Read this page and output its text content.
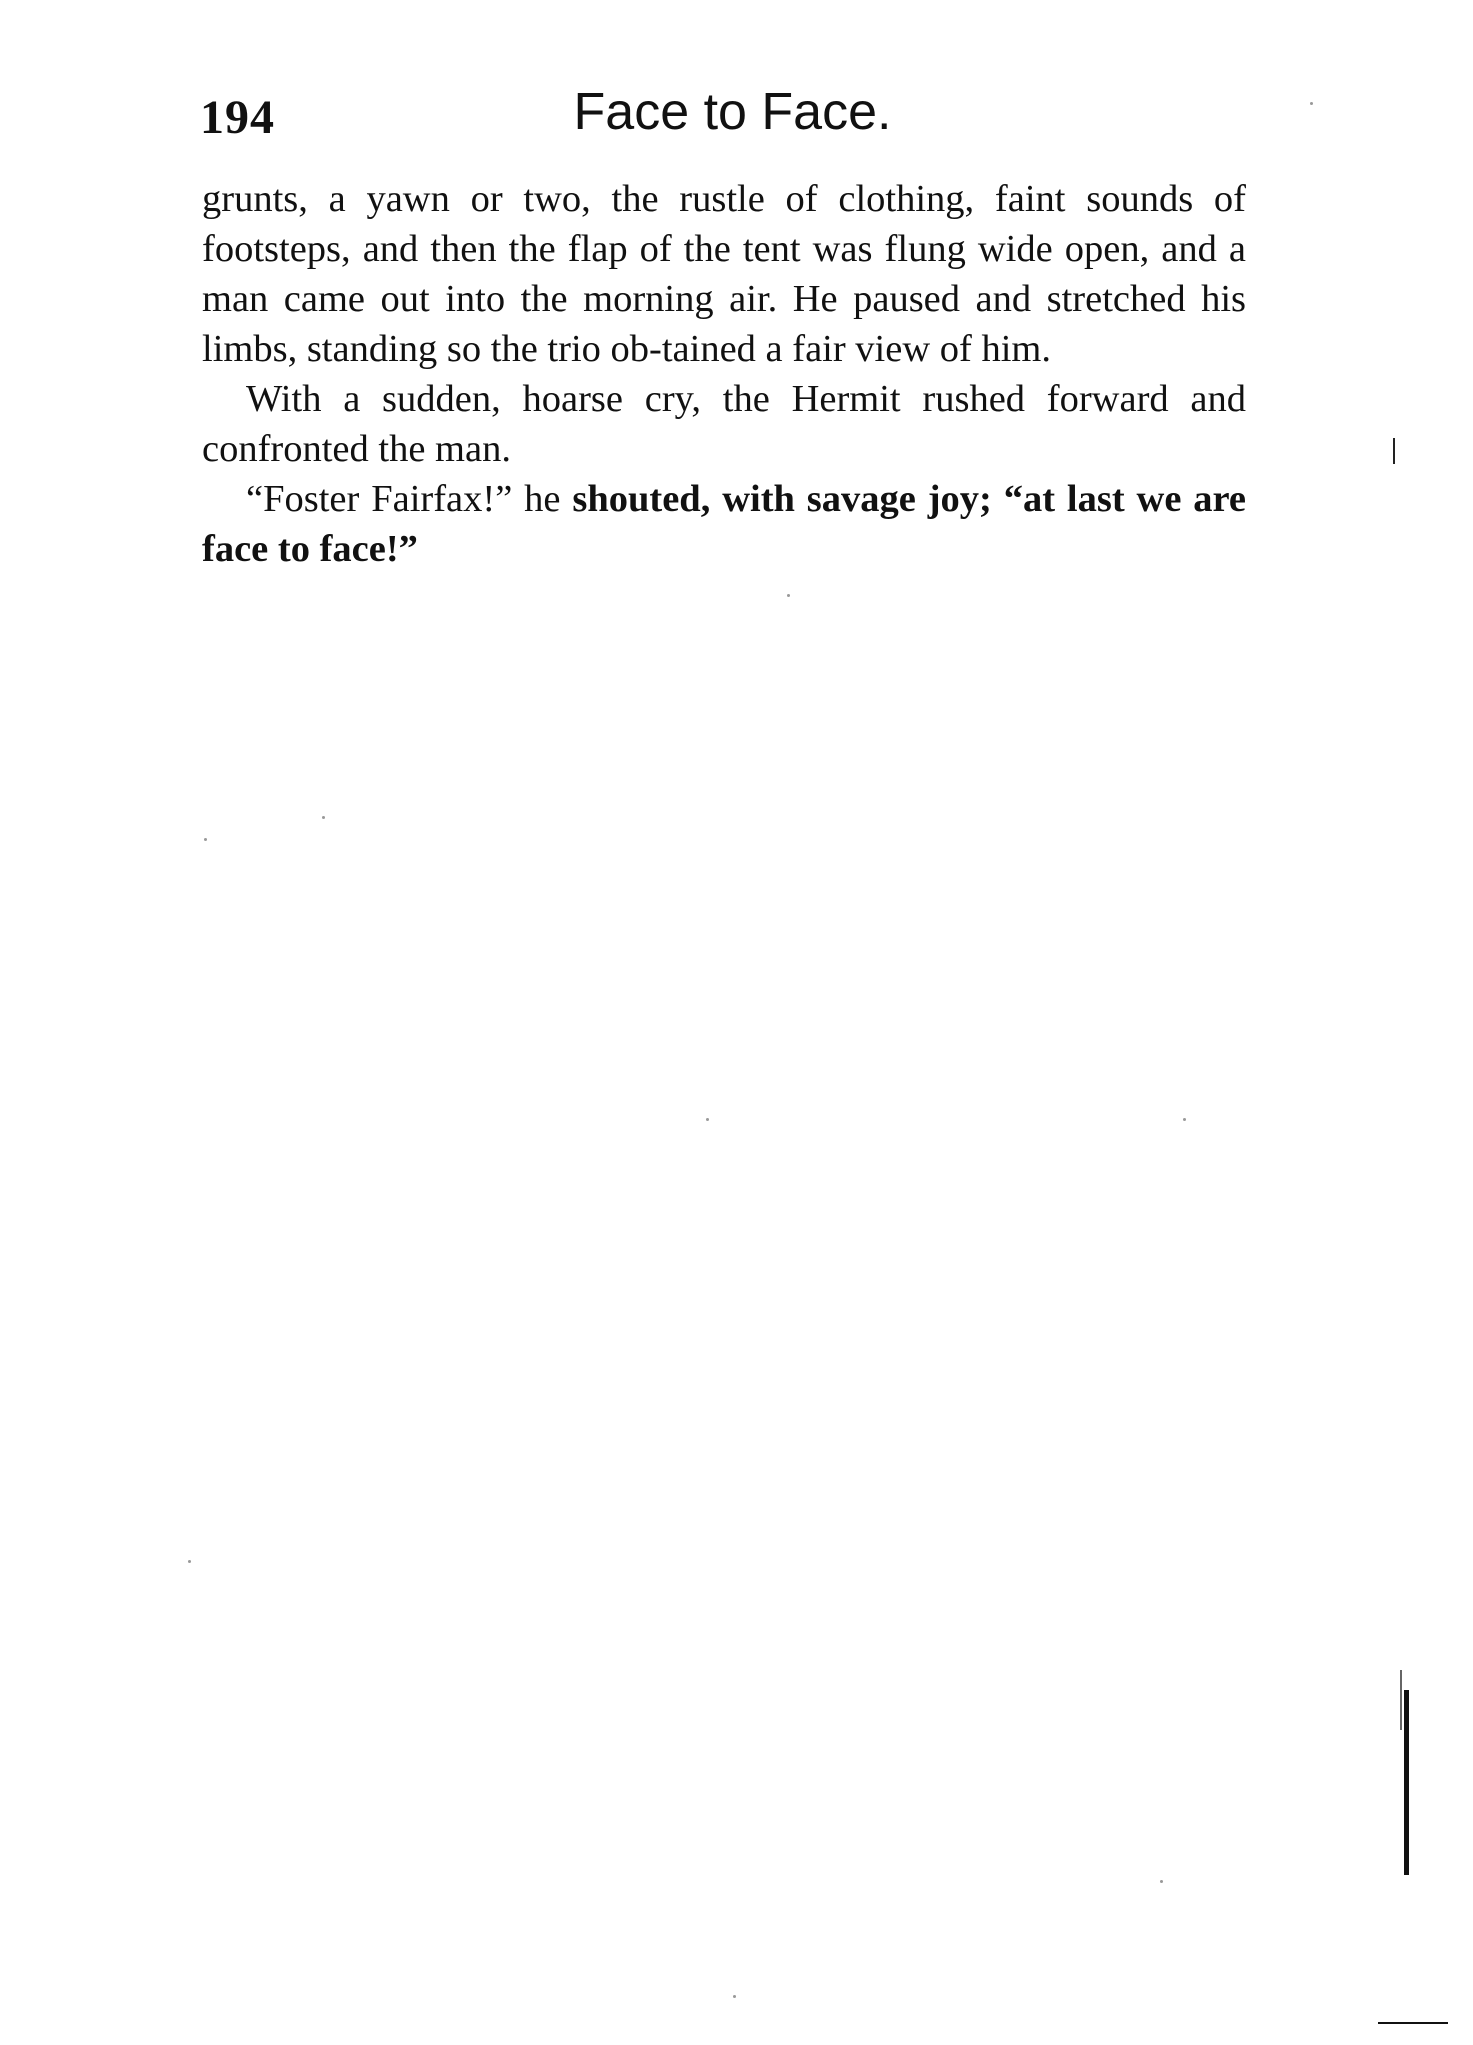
194	Face to Face.

grunts, a yawn or two, the rustle of clothing, faint sounds of footsteps, and then the flap of the tent was flung wide open, and a man came out into the morning air. He paused and stretched his limbs, standing so the trio ob-tained a fair view of him.

With a sudden, hoarse cry, the Hermit rushed forward and confronted the man.

“Foster Fairfax!” he shouted, with savage joy; “at last we are face to face!”
